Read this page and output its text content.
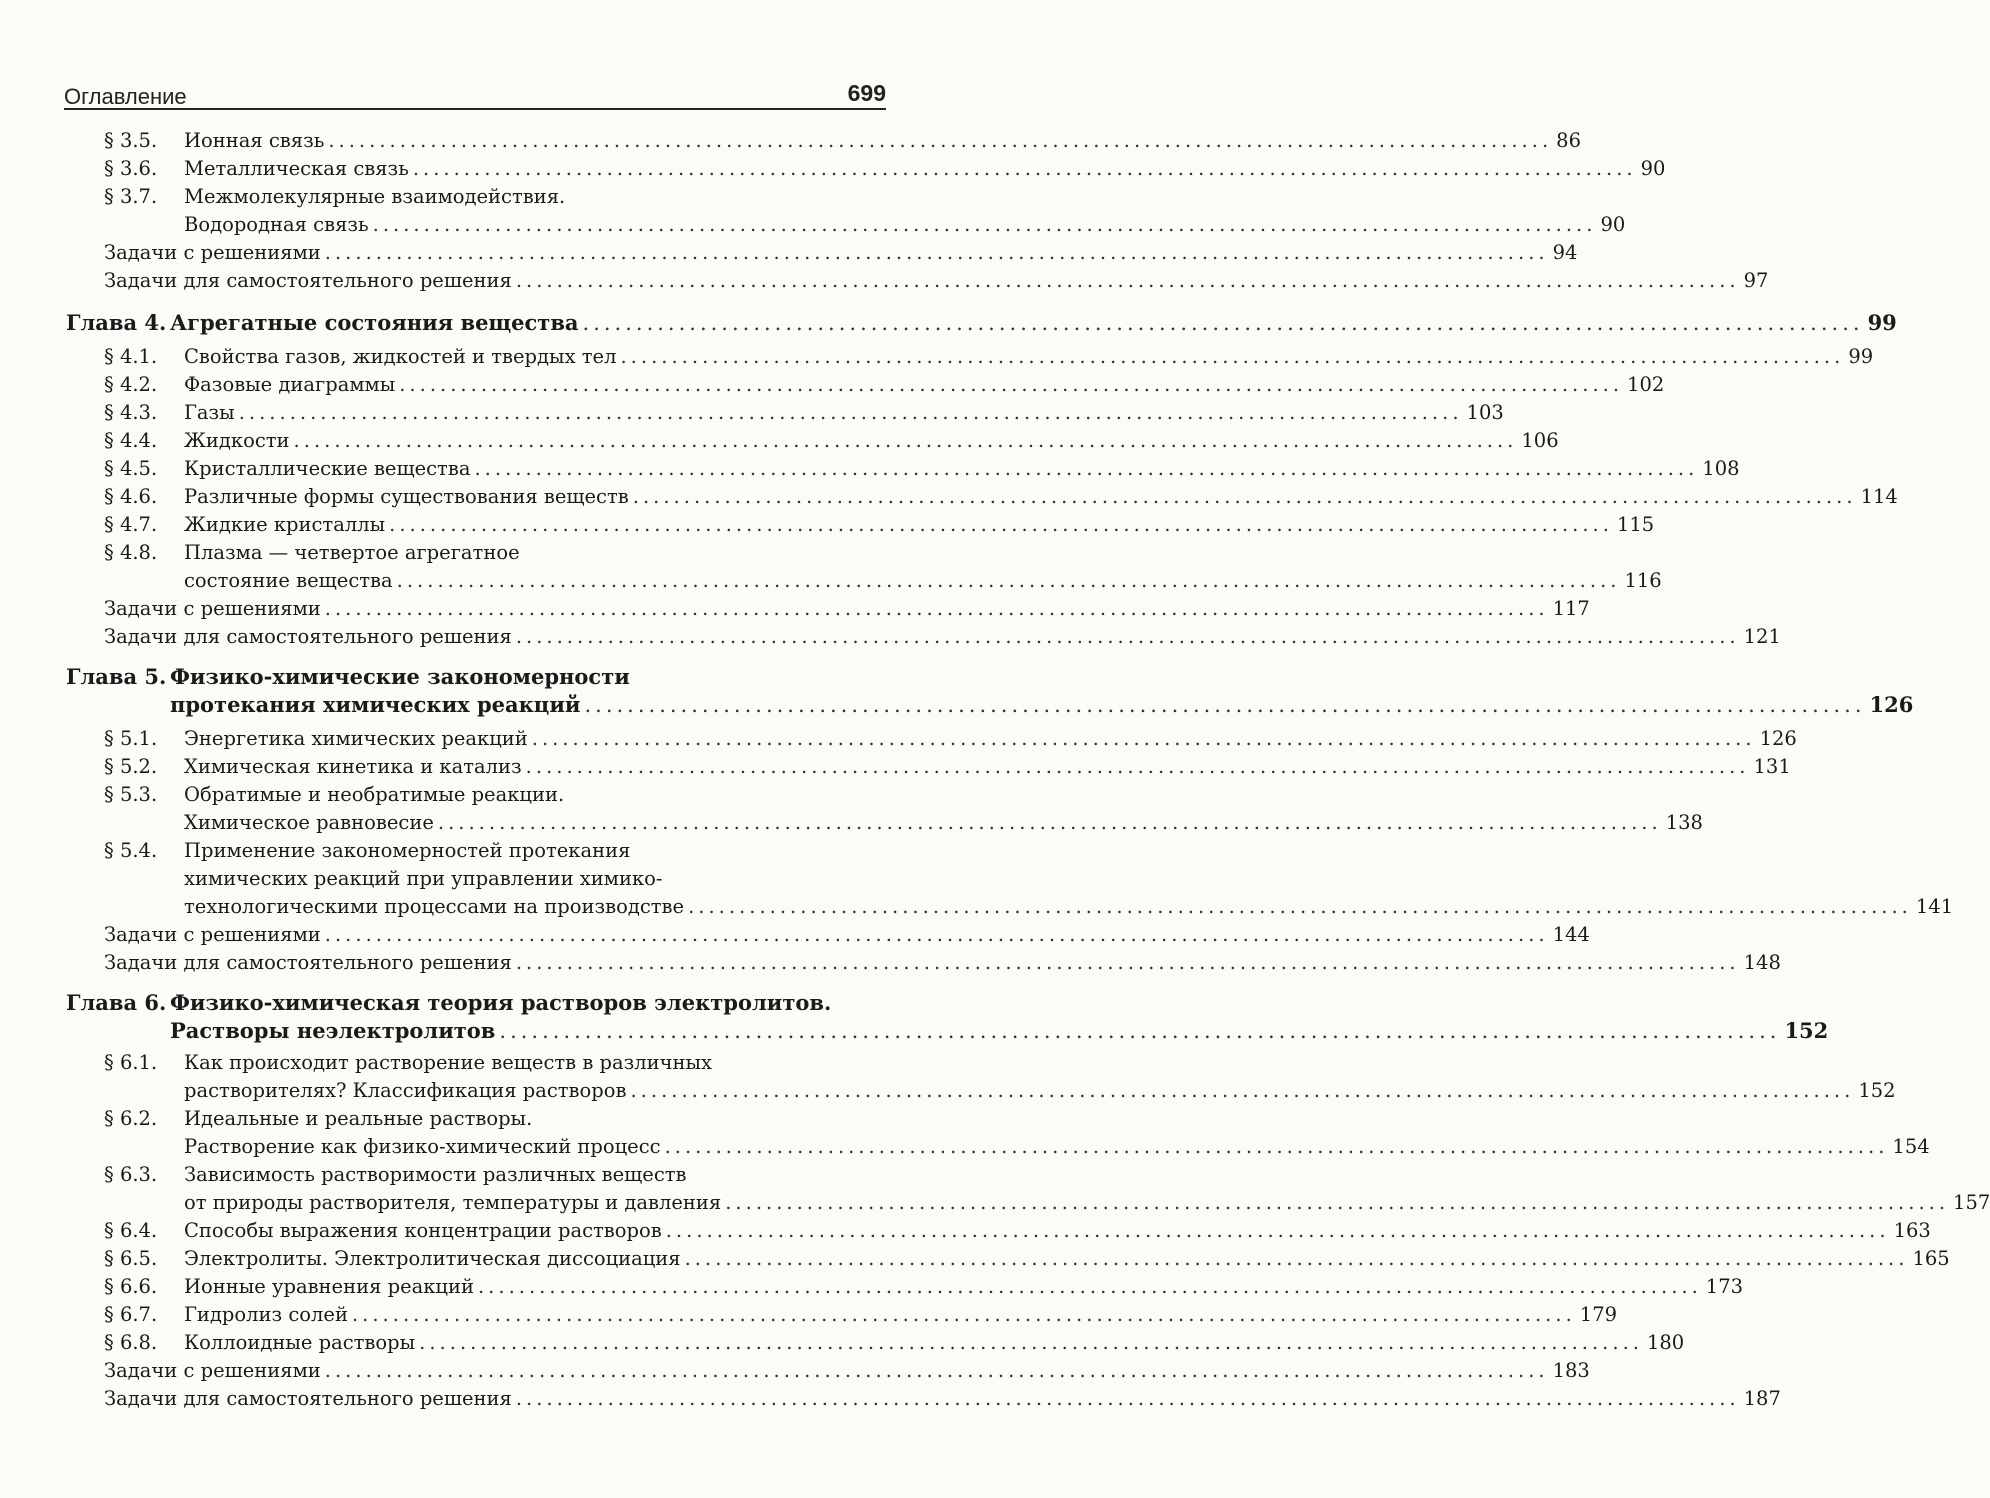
Оглавление	699
§ 3.5.	Ионная связь ........................................................................................................................ 86
§ 3.6.	Металлическая связь ........................................................................................................................ 90
§ 3.7.	Межмолекулярные взаимодействия.
Водородная связь ........................................................................................................................ 90
Задачи с решениями ........................................................................................................................ 94
Задачи для самостоятельного решения ........................................................................................................................ 97
Глава 4. Агрегатные состояния вещества ........................................................................................................................ 99
§ 4.1.	Свойства газов, жидкостей и твердых тел ........................................................................................................................ 99
§ 4.2.	Фазовые диаграммы ........................................................................................................................ 102
§ 4.3.	Газы ........................................................................................................................ 103
§ 4.4.	Жидкости ........................................................................................................................ 106
§ 4.5.	Кристаллические вещества ........................................................................................................................ 108
§ 4.6.	Различные формы существования веществ ........................................................................................................................ 114
§ 4.7.	Жидкие кристаллы ........................................................................................................................ 115
§ 4.8.	Плазма — четвертое агрегатное
состояние вещества ........................................................................................................................ 116
Задачи с решениями ........................................................................................................................ 117
Задачи для самостоятельного решения ........................................................................................................................ 121
Глава 5. Физико-химические закономерности
протекания химических реакций ........................................................................................................................ 126
§ 5.1.	Энергетика химических реакций ........................................................................................................................ 126
§ 5.2.	Химическая кинетика и катализ ........................................................................................................................ 131
§ 5.3.	Обратимые и необратимые реакции.
Химическое равновесие ........................................................................................................................ 138
§ 5.4.	Применение закономерностей протекания
химических реакций при управлении химико-
технологическими процессами на производстве ........................................................................................................................ 141
Задачи с решениями ........................................................................................................................ 144
Задачи для самостоятельного решения ........................................................................................................................ 148
Глава 6. Физико-химическая теория растворов электролитов.
Растворы неэлектролитов ........................................................................................................................ 152
§ 6.1.	Как происходит растворение веществ в различных
растворителях? Классификация растворов ........................................................................................................................ 152
§ 6.2.	Идеальные и реальные растворы.
Растворение как физико-химический процесс ........................................................................................................................ 154
§ 6.3.	Зависимость растворимости различных веществ
от природы растворителя, температуры и давления ........................................................................................................................ 157
§ 6.4.	Способы выражения концентрации растворов ........................................................................................................................ 163
§ 6.5.	Электролиты. Электролитическая диссоциация ........................................................................................................................ 165
§ 6.6.	Ионные уравнения реакций ........................................................................................................................ 173
§ 6.7.	Гидролиз солей ........................................................................................................................ 179
§ 6.8.	Коллоидные растворы ........................................................................................................................ 180
Задачи с решениями ........................................................................................................................ 183
Задачи для самостоятельного решения ........................................................................................................................ 187
